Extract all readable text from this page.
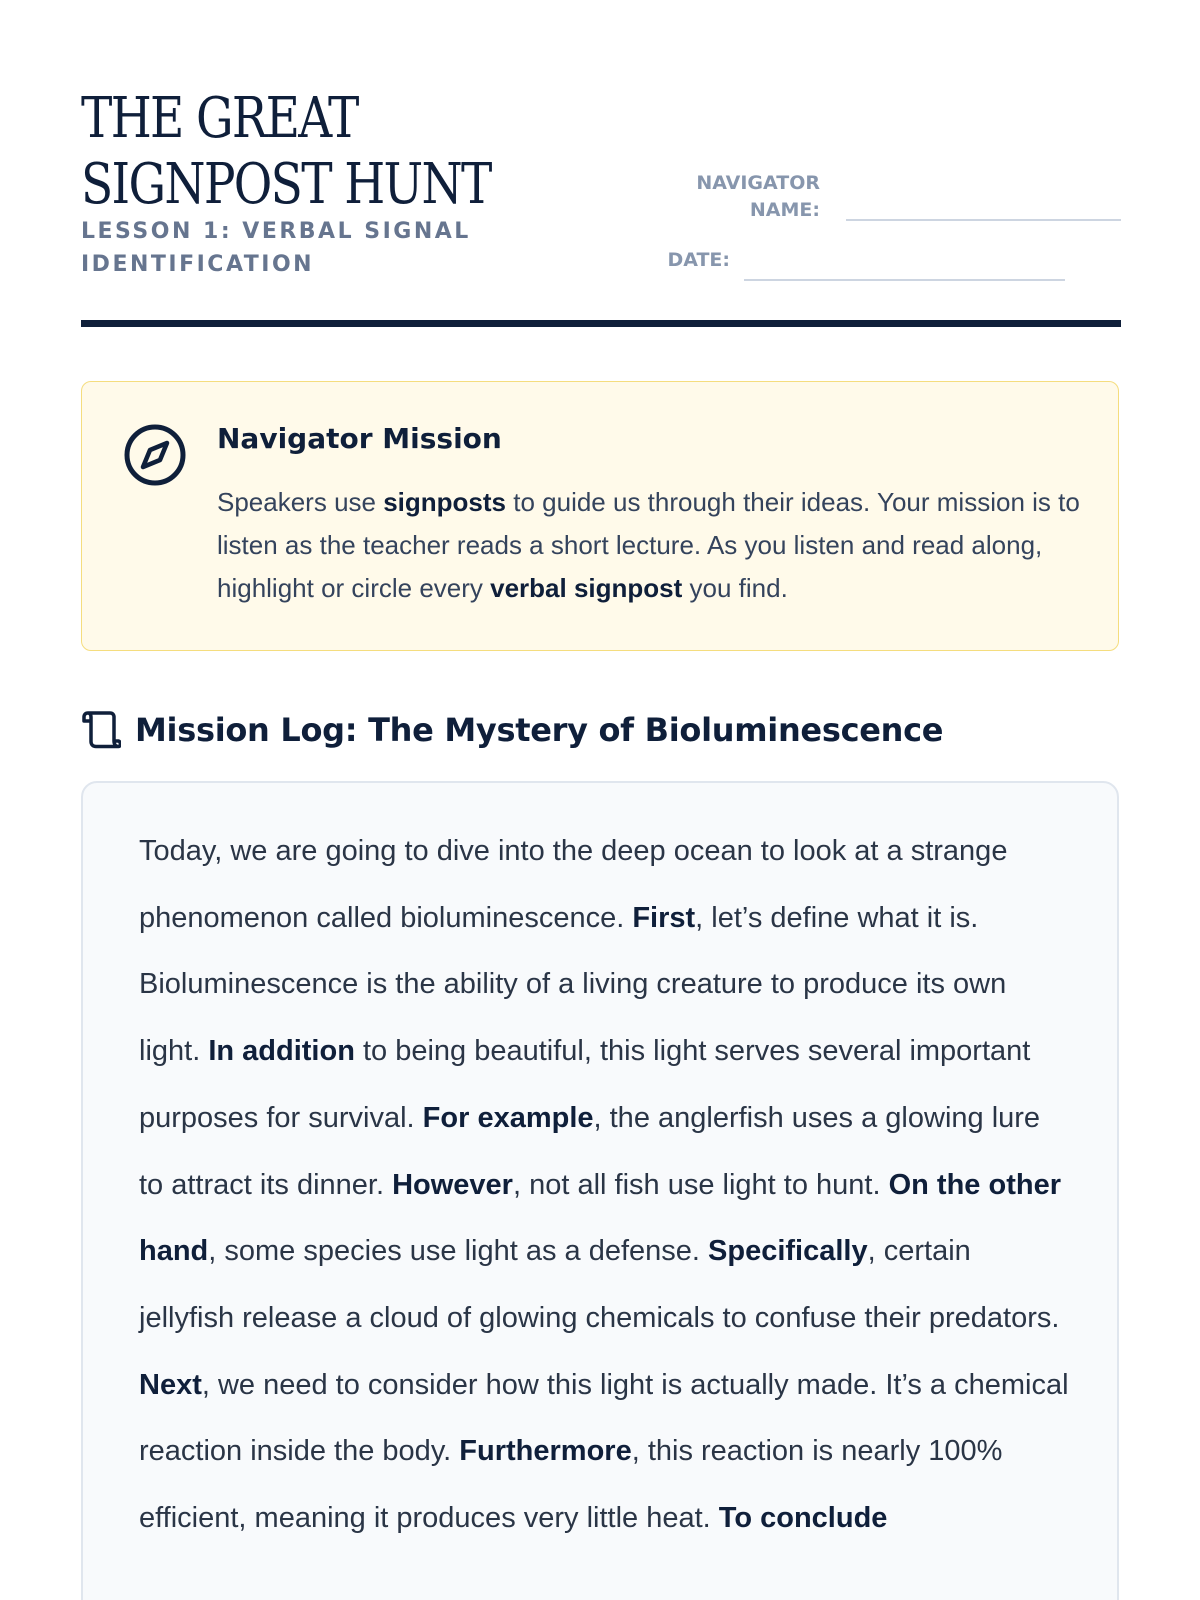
THE GREAT
SIGNPOST HUNT
LESSON 1: VERBAL SIGNAL
IDENTIFICATION
NAVIGATOR
NAME:
DATE:
Navigator Mission
Speakers use signposts to guide us through their ideas. Your mission is to listen as the teacher reads a short lecture. As you listen and read along, highlight or circle every verbal signpost you find.
Mission Log: The Mystery of Bioluminescence
Today, we are going to dive into the deep ocean to look at a strange phenomenon called bioluminescence. First, let’s define what it is. Bioluminescence is the ability of a living creature to produce its own light. In addition to being beautiful, this light serves several important purposes for survival. For example, the anglerfish uses a glowing lure to attract its dinner. However, not all fish use light to hunt. On the other hand, some species use light as a defense. Specifically, certain jellyfish release a cloud of glowing chemicals to confuse their predators. Next, we need to consider how this light is actually made. It’s a chemical reaction inside the body. Furthermore, this reaction is nearly 100% efficient, meaning it produces very little heat. To conclude
